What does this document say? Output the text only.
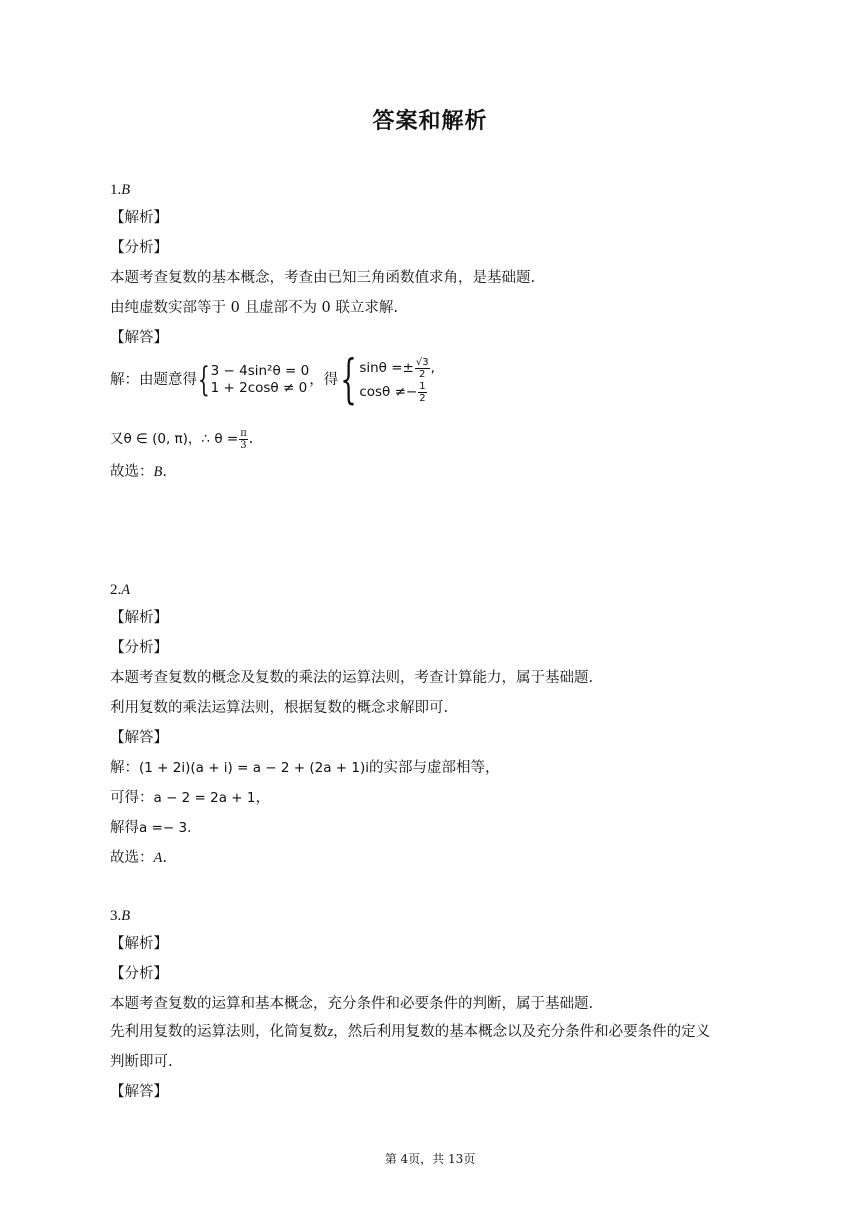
答案和解析
1.B
【解析】
【分析】
本题考查复数的基本概念，考查由已知三角函数值求角，是基础题.
由纯虚数实部等于 0 且虚部不为 0 联立求解.
【解答】
解：由题意得{ 3 − 4sin²θ = 0
1 + 2cosθ ≠ 0 ，得{ $\sin\theta =\pm \frac{√3}{2}$ ,
$\cos\theta \ne- \frac{1}{2}$
又θ ∈ (0, π)，∴ $\theta = \frac{\pi}{3}$ .
故选：B.
2.A
【解析】
【分析】
本题考查复数的概念及复数的乘法的运算法则，考查计算能力，属于基础题.
利用复数的乘法运算法则，根据复数的概念求解即可.
【解答】
解：(1 + 2i)(a + i) = a − 2 + (2a + 1)i的实部与虚部相等，
可得：a − 2 = 2a + 1，
解得a =− 3.
故选：A.
3.B
【解析】
【分析】
本题考查复数的运算和基本概念，充分条件和必要条件的判断，属于基础题.
先利用复数的运算法则，化简复数z，然后利用复数的基本概念以及充分条件和必要条件的定义
判断即可.
【解答】
第 4页，共 13页
